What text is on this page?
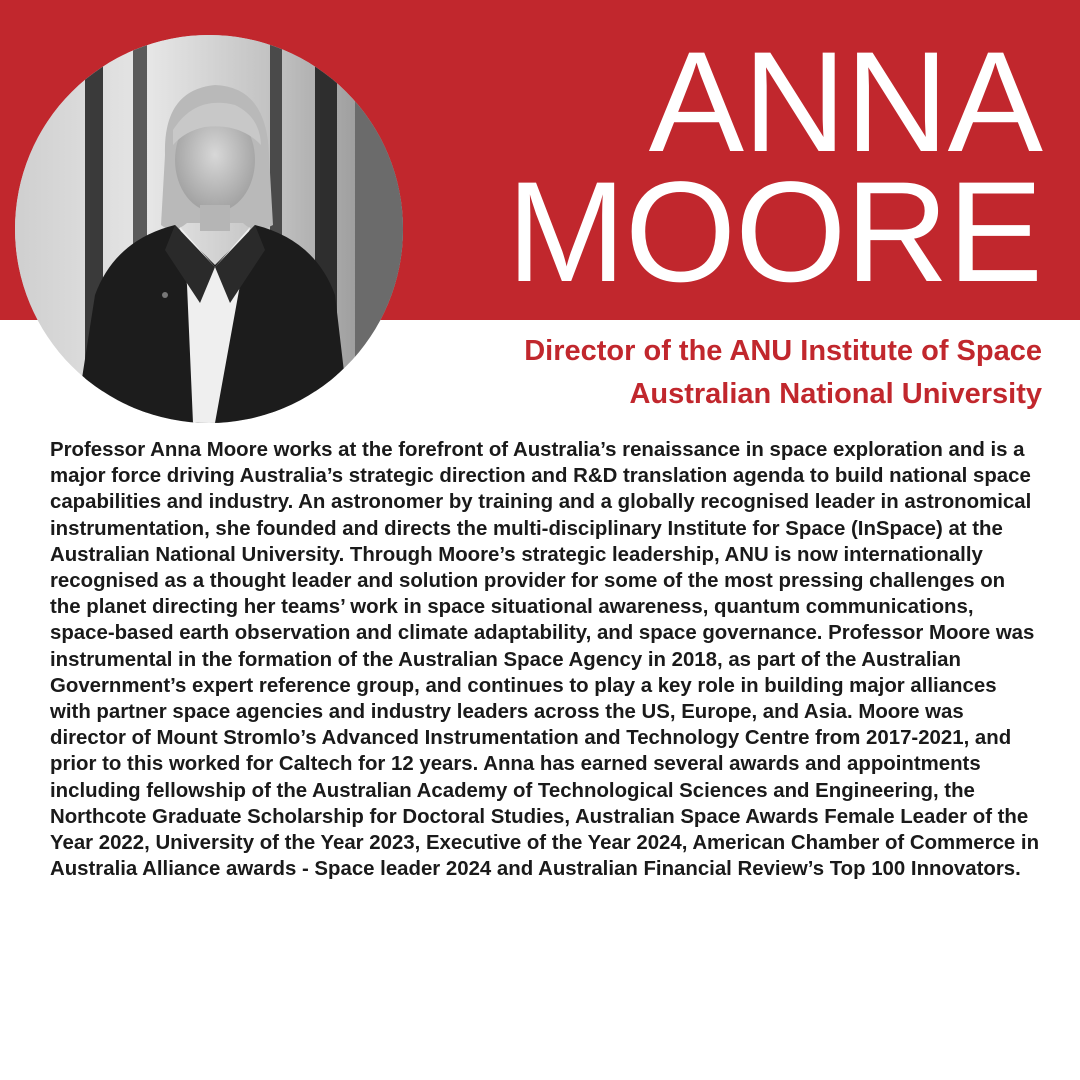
ANNA
MOORE
Director of the ANU Institute of Space
Australian National University

Professor Anna Moore works at the forefront of Australia’s renaissance in space exploration and is a major force driving Australia’s strategic direction and R&D translation agenda to build national space capabilities and industry. An astronomer by training and a globally recognised leader in astronomical instrumentation, she founded and directs the multi-disciplinary Institute for Space (InSpace) at the Australian National University. Through Moore’s strategic leadership, ANU is now internationally recognised as a thought leader and solution provider for some of the most pressing challenges on the planet directing her teams’ work in space situational awareness, quantum communications, space-based earth observation and climate adaptability, and space governance. Professor Moore was instrumental in the formation of the Australian Space Agency in 2018, as part of the Australian Government’s expert reference group, and continues to play a key role in building major alliances with partner space agencies and industry leaders across the US, Europe, and Asia. Moore was director of Mount Stromlo’s Advanced Instrumentation and Technology Centre from 2017-2021, and prior to this worked for Caltech for 12 years. Anna has earned several awards and appointments including fellowship of the Australian Academy of Technological Sciences and Engineering, the Northcote Graduate Scholarship for Doctoral Studies, Australian Space Awards Female Leader of the Year 2022, University of the Year 2023, Executive of the Year 2024, American Chamber of Commerce in Australia Alliance awards - Space leader 2024 and Australian Financial Review’s Top 100 Innovators.
